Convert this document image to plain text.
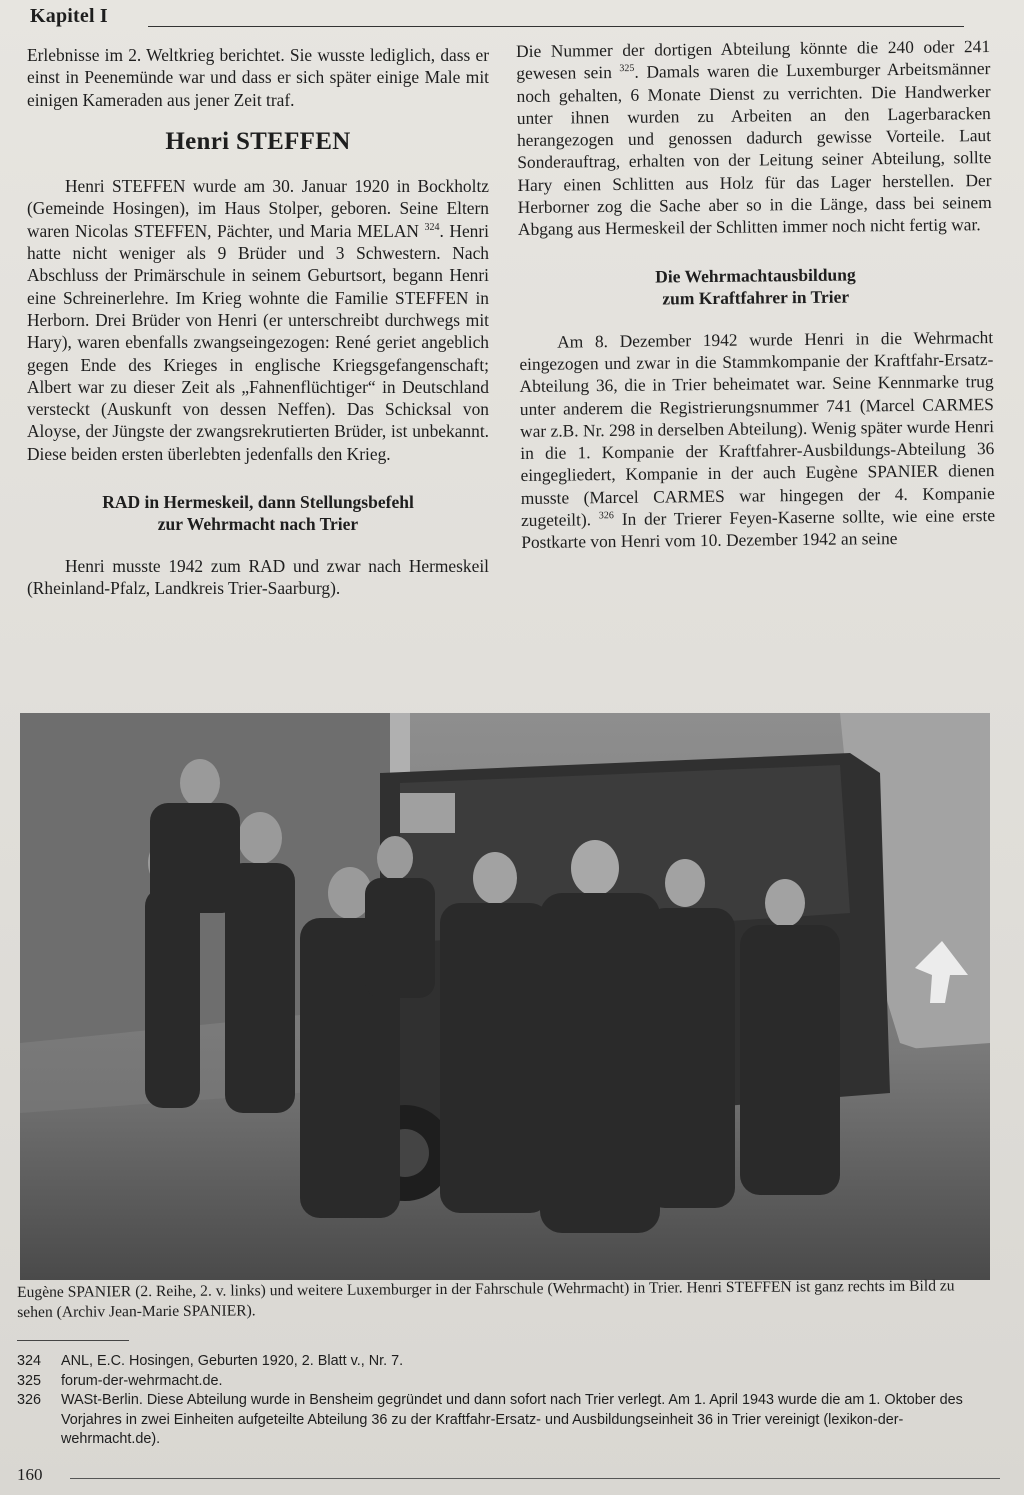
Kapitel I

Erlebnisse im 2. Weltkrieg berichtet. Sie wusste lediglich, dass er einst in Peenemünde war und dass er sich später einige Male mit einigen Kameraden aus jener Zeit traf.

Henri STEFFEN

Henri STEFFEN wurde am 30. Januar 1920 in Bockholtz (Gemeinde Hosingen), im Haus Stolper, geboren. Seine Eltern waren Nicolas STEFFEN, Pächter, und Maria MELAN $^{324}$. Henri hatte nicht weniger als 9 Brüder und 3 Schwestern. Nach Abschluss der Primärschule in seinem Geburtsort, begann Henri eine Schreinerlehre. Im Krieg wohnte die Familie STEFFEN in Herborn. Drei Brüder von Henri (er unterschreibt durchwegs mit Hary), waren ebenfalls zwangseingezogen: René geriet angeblich gegen Ende des Krieges in englische Kriegsgefangenschaft; Albert war zu dieser Zeit als „Fahnenflüchtiger“ in Deutschland versteckt (Auskunft von dessen Neffen). Das Schicksal von Aloyse, der Jüngste der zwangsrekrutierten Brüder, ist unbekannt. Diese beiden ersten überlebten jedenfalls den Krieg.

RAD in Hermeskeil, dann Stellungsbefehl
zur Wehrmacht nach Trier

Henri musste 1942 zum RAD und zwar nach Hermeskeil (Rheinland-Pfalz, Landkreis Trier-Saarburg).

Die Nummer der dortigen Abteilung könnte die 240 oder 241 gewesen sein $^{325}$. Damals waren die Luxemburger Arbeitsmänner noch gehalten, 6 Monate Dienst zu verrichten. Die Handwerker unter ihnen wurden zu Arbeiten an den Lagerbaracken herangezogen und genossen dadurch gewisse Vorteile. Laut Sonderauftrag, erhalten von der Leitung seiner Abteilung, sollte Hary einen Schlitten aus Holz für das Lager herstellen. Der Herborner zog die Sache aber so in die Länge, dass bei seinem Abgang aus Hermeskeil der Schlitten immer noch nicht fertig war.

Die Wehrmachtausbildung
zum Kraftfahrer in Trier

Am 8. Dezember 1942 wurde Henri in die Wehrmacht eingezogen und zwar in die Stammkompanie der Kraftfahr-Ersatz-Abteilung 36, die in Trier beheimatet war. Seine Kennmarke trug unter anderem die Registrierungsnummer 741 (Marcel CARMES war z.B. Nr. 298 in derselben Abteilung). Wenig später wurde Henri in die 1. Kompanie der Kraftfahrer-Ausbildungs-Abteilung 36 eingegliedert, Kompanie in der auch Eugène SPANIER dienen musste (Marcel CARMES war hingegen der 4. Kompanie zugeteilt). $^{326}$ In der Trierer Feyen-Kaserne sollte, wie eine erste Postkarte von Henri vom 10. Dezember 1942 an seine

Eugène SPANIER (2. Reihe, 2. v. links) und weitere Luxemburger in der Fahrschule (Wehrmacht) in Trier. Henri STEFFEN ist ganz rechts im Bild zu sehen (Archiv Jean-Marie SPANIER).
324	ANL, E.C. Hosingen, Geburten 1920, 2. Blatt v., Nr. 7.
325	forum-der-wehrmacht.de.
326	WASt-Berlin. Diese Abteilung wurde in Bensheim gegründet und dann sofort nach Trier verlegt. Am 1. April 1943 wurde die am 1. Oktober des Vorjahres in zwei Einheiten aufgeteilte Abteilung 36 zu der Kraftfahr-Ersatz- und Ausbildungseinheit 36 in Trier vereinigt (lexikon-der-wehrmacht.de).
160
